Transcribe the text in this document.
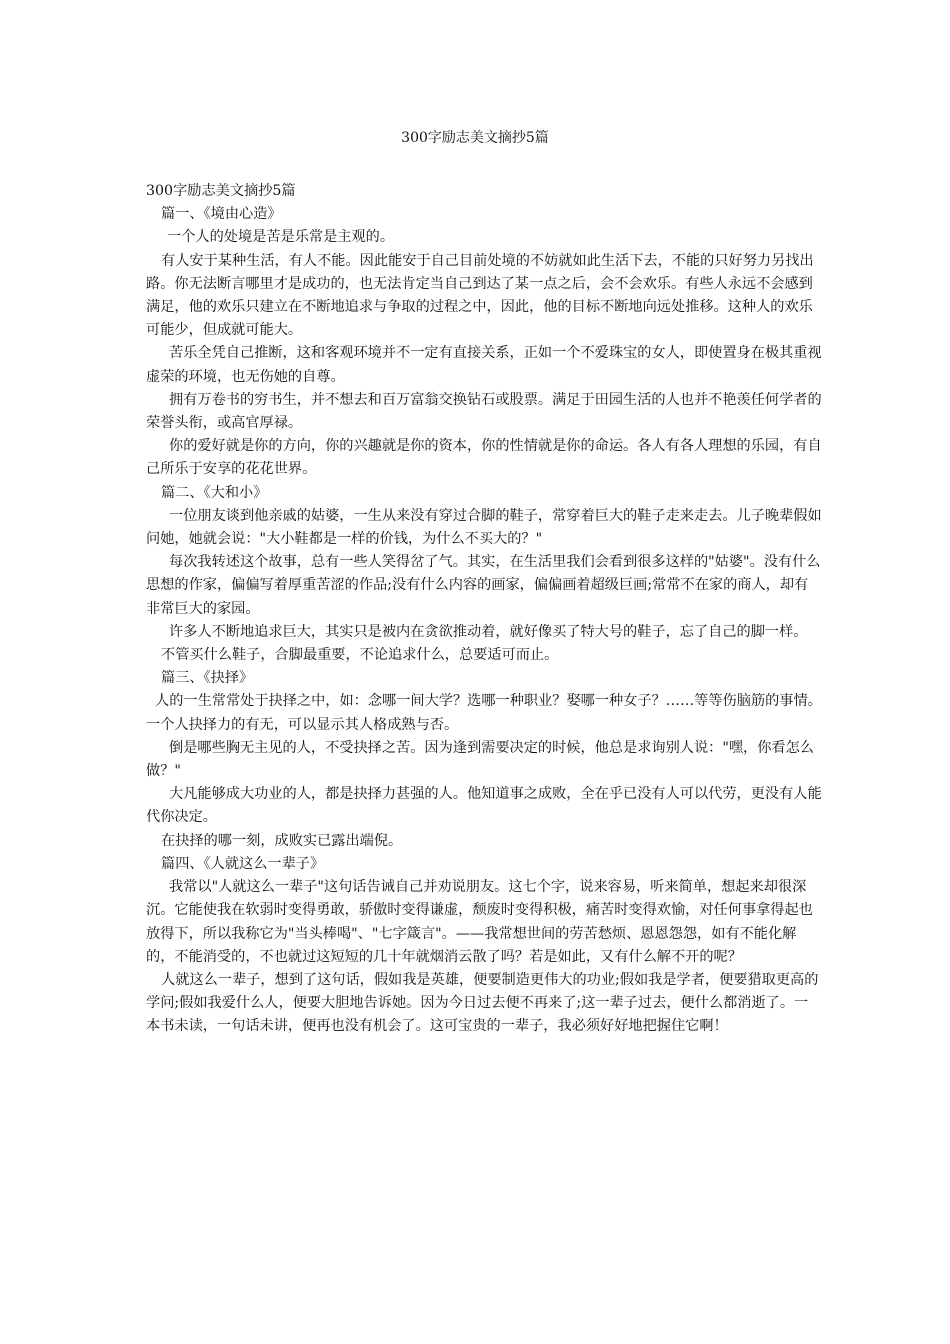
300字励志美文摘抄5篇

300字励志美文摘抄5篇

篇一、《境由心造》

一个人的处境是苦是乐常是主观的。

有人安于某种生活，有人不能。因此能安于自己目前处境的不妨就如此生活下去，不能的只好努力另找出路。你无法断言哪里才是成功的，也无法肯定当自己到达了某一点之后，会不会欢乐。有些人永远不会感到满足，他的欢乐只建立在不断地追求与争取的过程之中，因此，他的目标不断地向远处推移。这种人的欢乐可能少，但成就可能大。

苦乐全凭自己推断，这和客观环境并不一定有直接关系，正如一个不爱珠宝的女人，即使置身在极其重视虚荣的环境，也无伤她的自尊。

拥有万卷书的穷书生，并不想去和百万富翁交换钻石或股票。满足于田园生活的人也并不艳羡任何学者的荣誉头衔，或高官厚禄。

你的爱好就是你的方向，你的兴趣就是你的资本，你的性情就是你的命运。各人有各人理想的乐园，有自己所乐于安享的花花世界。

篇二、《大和小》

一位朋友谈到他亲戚的姑婆，一生从来没有穿过合脚的鞋子，常穿着巨大的鞋子走来走去。儿子晚辈假如问她，她就会说："大小鞋都是一样的价钱，为什么不买大的？"

每次我转述这个故事，总有一些人笑得岔了气。其实，在生活里我们会看到很多这样的"姑婆"。没有什么思想的作家，偏偏写着厚重苦涩的作品;没有什么内容的画家，偏偏画着超级巨画;常常不在家的商人，却有非常巨大的家园。

许多人不断地追求巨大，其实只是被内在贪欲推动着，就好像买了特大号的鞋子，忘了自己的脚一样。

不管买什么鞋子，合脚最重要，不论追求什么，总要适可而止。

篇三、《抉择》

人的一生常常处于抉择之中，如：念哪一间大学？选哪一种职业？娶哪一种女子？……等等伤脑筋的事情。一个人抉择力的有无，可以显示其人格成熟与否。

倒是哪些胸无主见的人，不受抉择之苦。因为逢到需要决定的时候，他总是求询别人说："嘿，你看怎么做？"

大凡能够成大功业的人，都是抉择力甚强的人。他知道事之成败，全在乎已没有人可以代劳，更没有人能代你决定。

在抉择的哪一刻，成败实已露出端倪。

篇四、《人就这么一辈子》

我常以"人就这么一辈子"这句话告诫自己并劝说朋友。这七个字，说来容易，听来简单，想起来却很深沉。它能使我在软弱时变得勇敢，骄傲时变得谦虚，颓废时变得积极，痛苦时变得欢愉，对任何事拿得起也放得下，所以我称它为"当头棒喝"、"七字箴言"。——我常想世间的劳苦愁烦、恩恩怨怨，如有不能化解的，不能消受的，不也就过这短短的几十年就烟消云散了吗？若是如此，又有什么解不开的呢？

人就这么一辈子，想到了这句话，假如我是英雄，便要制造更伟大的功业;假如我是学者，便要猎取更高的学问;假如我爱什么人，便要大胆地告诉她。因为今日过去便不再来了;这一辈子过去，便什么都消逝了。一本书未读，一句话未讲，便再也没有机会了。这可宝贵的一辈子，我必须好好地把握住它啊！
